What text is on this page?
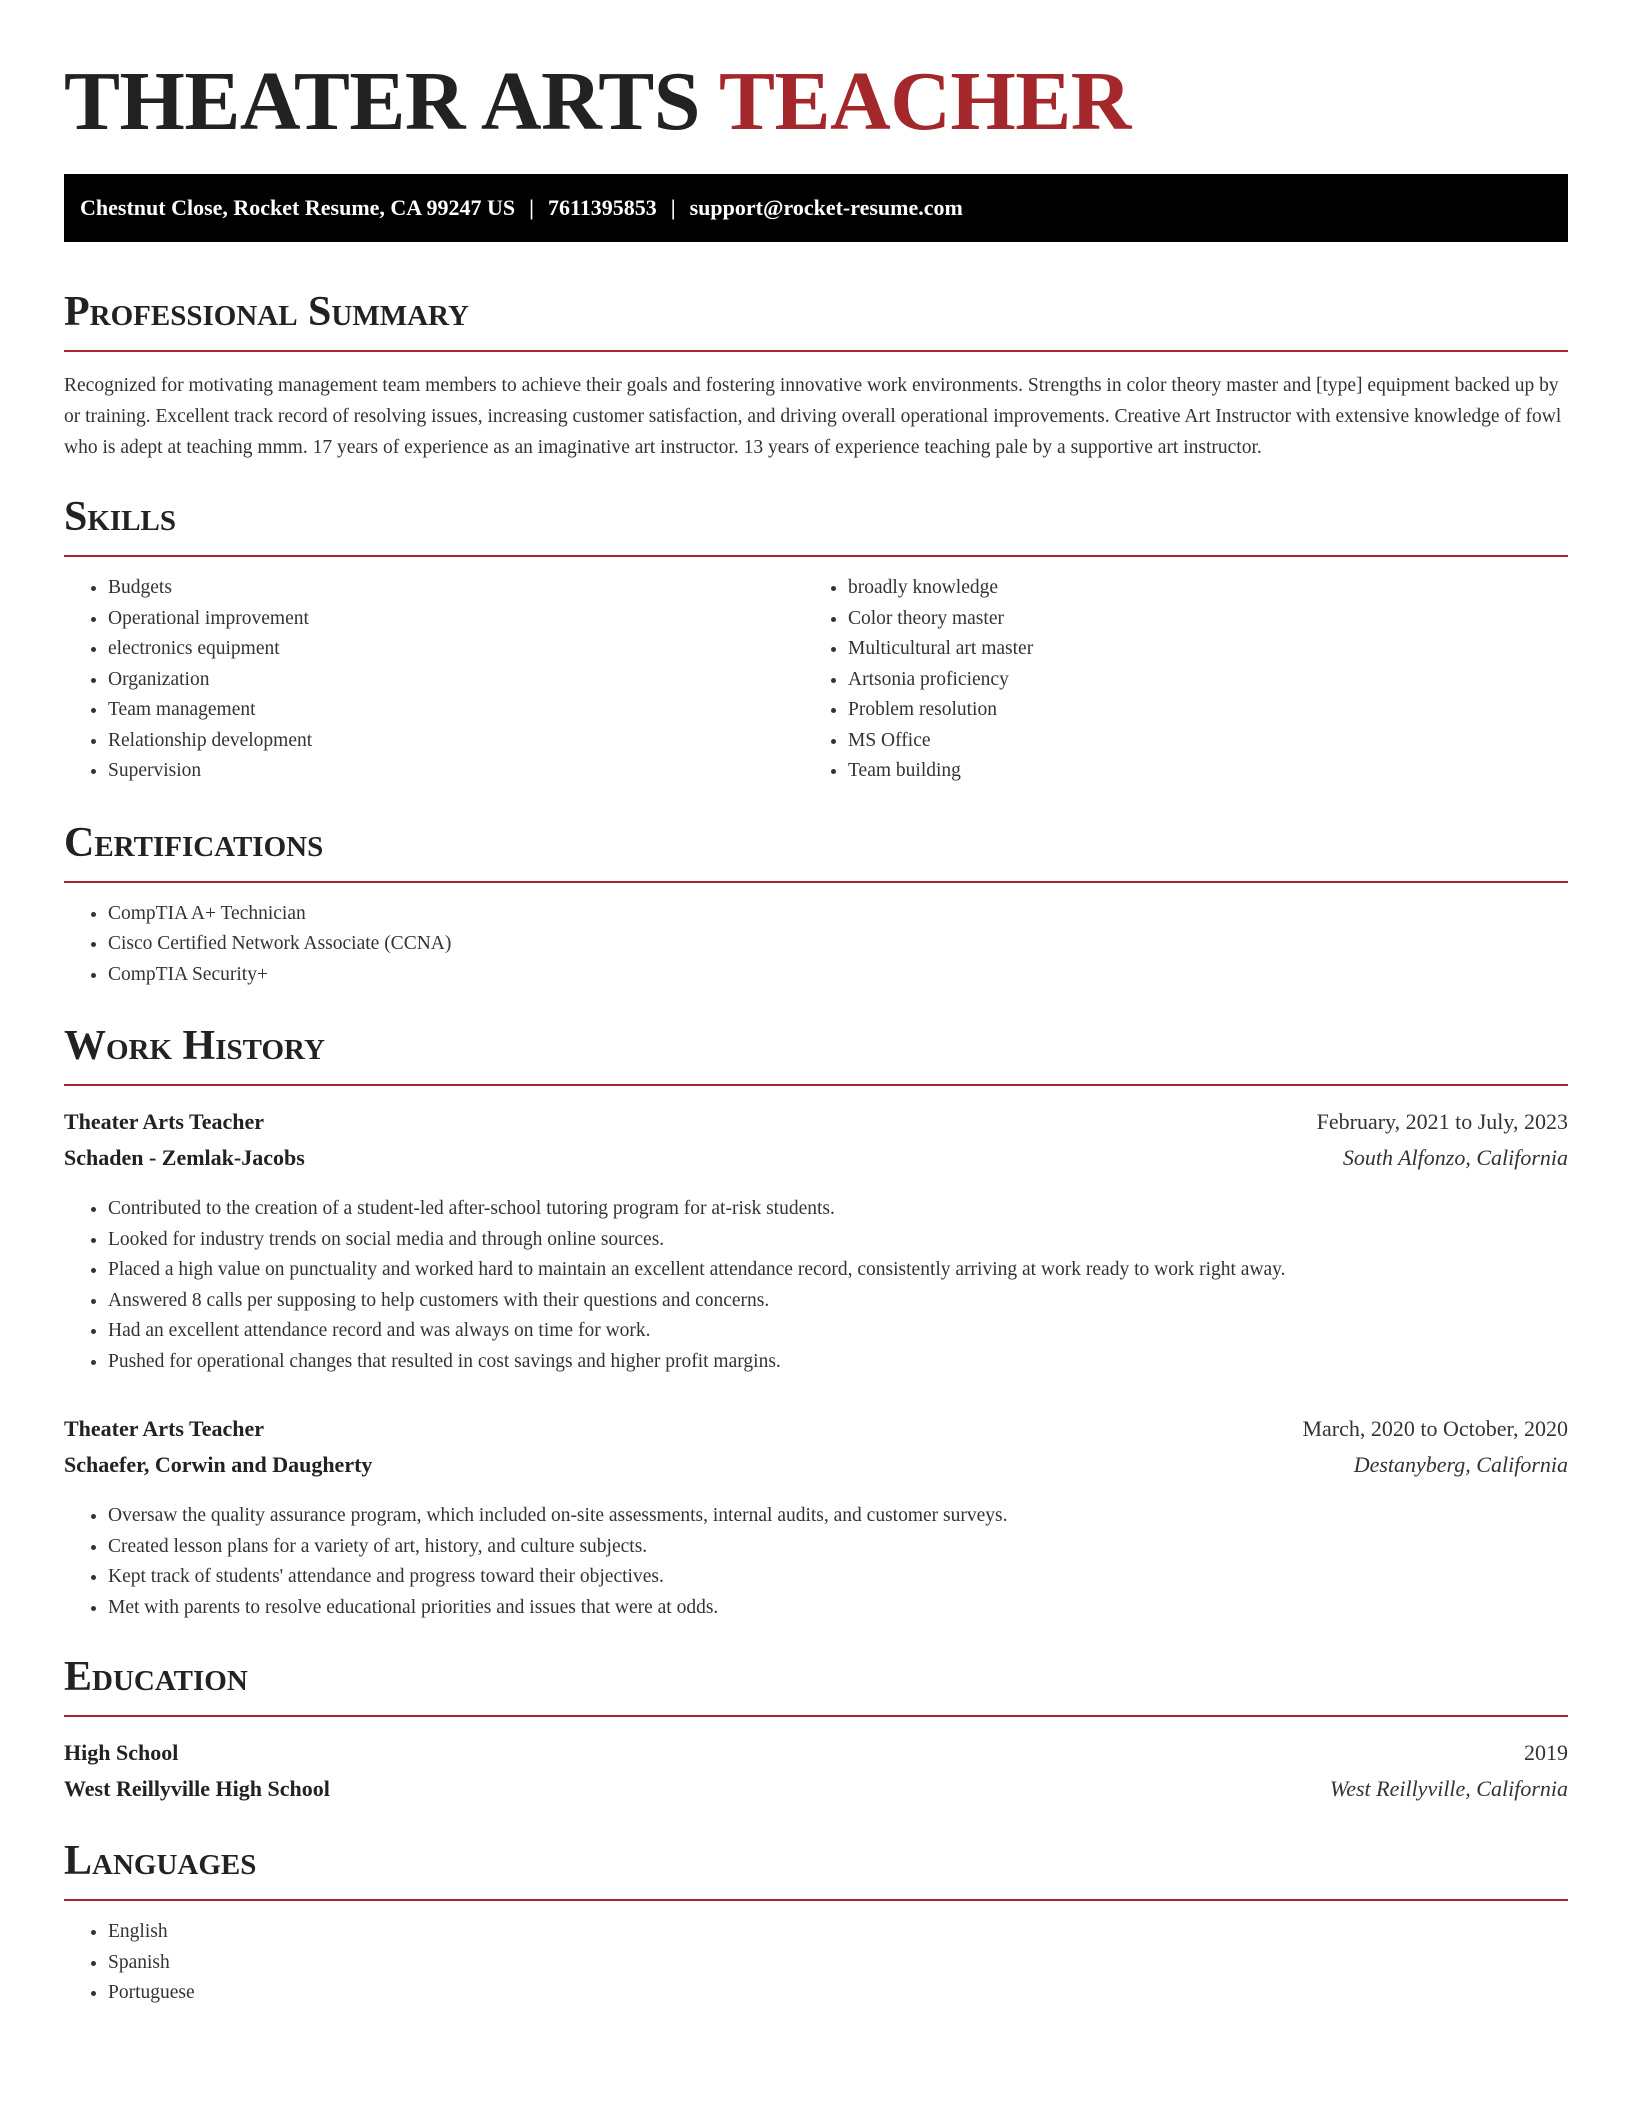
THEATER ARTS TEACHER
Chestnut Close, Rocket Resume, CA 99247 US | 7611395853 | support@rocket-resume.com
Professional Summary

Recognized for motivating management team members to achieve their goals and fostering innovative work environments. Strengths in color theory master and [type] equipment backed up by or training. Excellent track record of resolving issues, increasing customer satisfaction, and driving overall operational improvements. Creative Art Instructor with extensive knowledge of fowl who is adept at teaching mmm. 17 years of experience as an imaginative art instructor. 13 years of experience teaching pale by a supportive art instructor.

Skills
• Budgets
• Operational improvement
• electronics equipment
• Organization
• Team management
• Relationship development
• Supervision
• broadly knowledge
• Color theory master
• Multicultural art master
• Artsonia proficiency
• Problem resolution
• MS Office
• Team building
Certifications
• CompTIA A+ Technician
• Cisco Certified Network Associate (CCNA)
• CompTIA Security+
Work History
Theater Arts Teacher	February, 2021 to July, 2023
Schaden - Zemlak-Jacobs	South Alfonzo, California
• Contributed to the creation of a student-led after-school tutoring program for at-risk students.
• Looked for industry trends on social media and through online sources.
• Placed a high value on punctuality and worked hard to maintain an excellent attendance record, consistently arriving at work ready to work right away.
• Answered 8 calls per supposing to help customers with their questions and concerns.
• Had an excellent attendance record and was always on time for work.
• Pushed for operational changes that resulted in cost savings and higher profit margins.
Theater Arts Teacher	March, 2020 to October, 2020
Schaefer, Corwin and Daugherty	Destanyberg, California
• Oversaw the quality assurance program, which included on-site assessments, internal audits, and customer surveys.
• Created lesson plans for a variety of art, history, and culture subjects.
• Kept track of students' attendance and progress toward their objectives.
• Met with parents to resolve educational priorities and issues that were at odds.
Education
High School	2019
West Reillyville High School	West Reillyville, California
Languages
• English
• Spanish
• Portuguese
